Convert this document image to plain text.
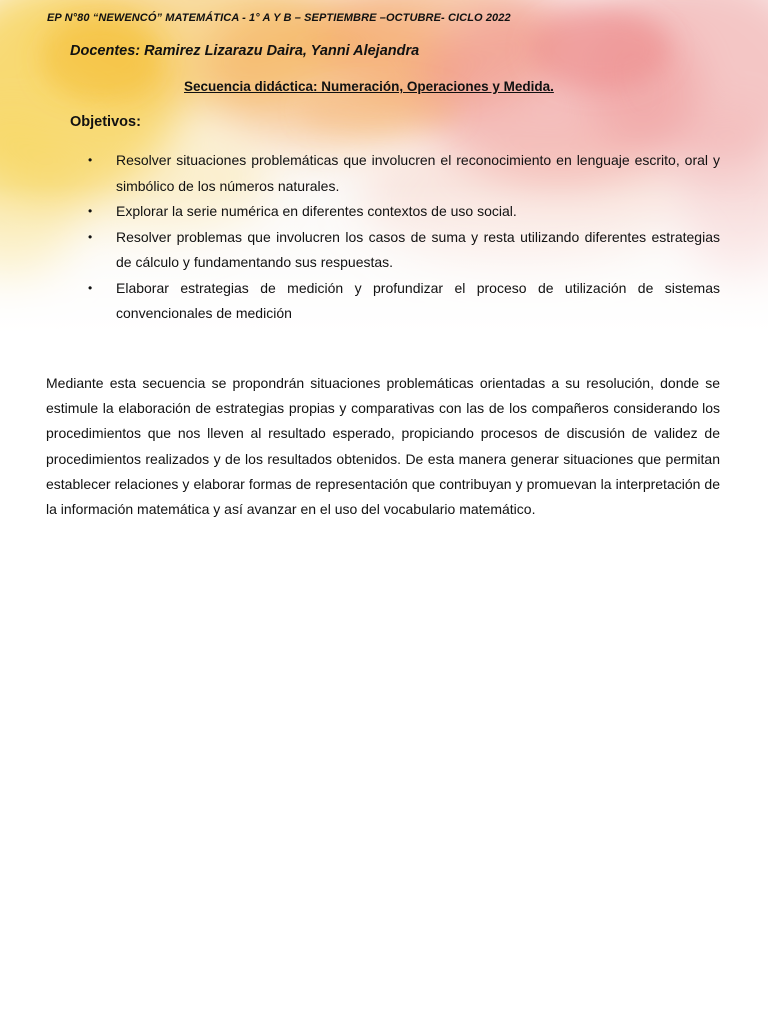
EP N°80 “NEWENCÓ” MATEMÁTICA - 1° A Y B – SEPTIEMBRE –OCTUBRE- CICLO 2022
Docentes: Ramirez Lizarazu Daira, Yanni Alejandra
Secuencia didáctica: Numeración, Operaciones y Medida.
Objetivos:
•	Resolver situaciones problemáticas que involucren el reconocimiento en lenguaje escrito, oral y simbólico de los números naturales.
•	Explorar la serie numérica en diferentes contextos de uso social.
•	Resolver problemas que involucren los casos de suma y resta utilizando diferentes estrategias de cálculo y fundamentando sus respuestas.
•	Elaborar estrategias de medición y profundizar el proceso de utilización de sistemas convencionales de medición

Mediante esta secuencia se propondrán situaciones problemáticas orientadas a su resolución, donde se estimule la elaboración de estrategias propias y comparativas con las de los compañeros considerando los procedimientos que nos lleven al resultado esperado, propiciando procesos de discusión de validez de procedimientos realizados y de los resultados obtenidos. De esta manera generar situaciones que permitan establecer relaciones y elaborar formas de representación que contribuyan y promuevan la interpretación de la información matemática y así avanzar en el uso del vocabulario matemático.
